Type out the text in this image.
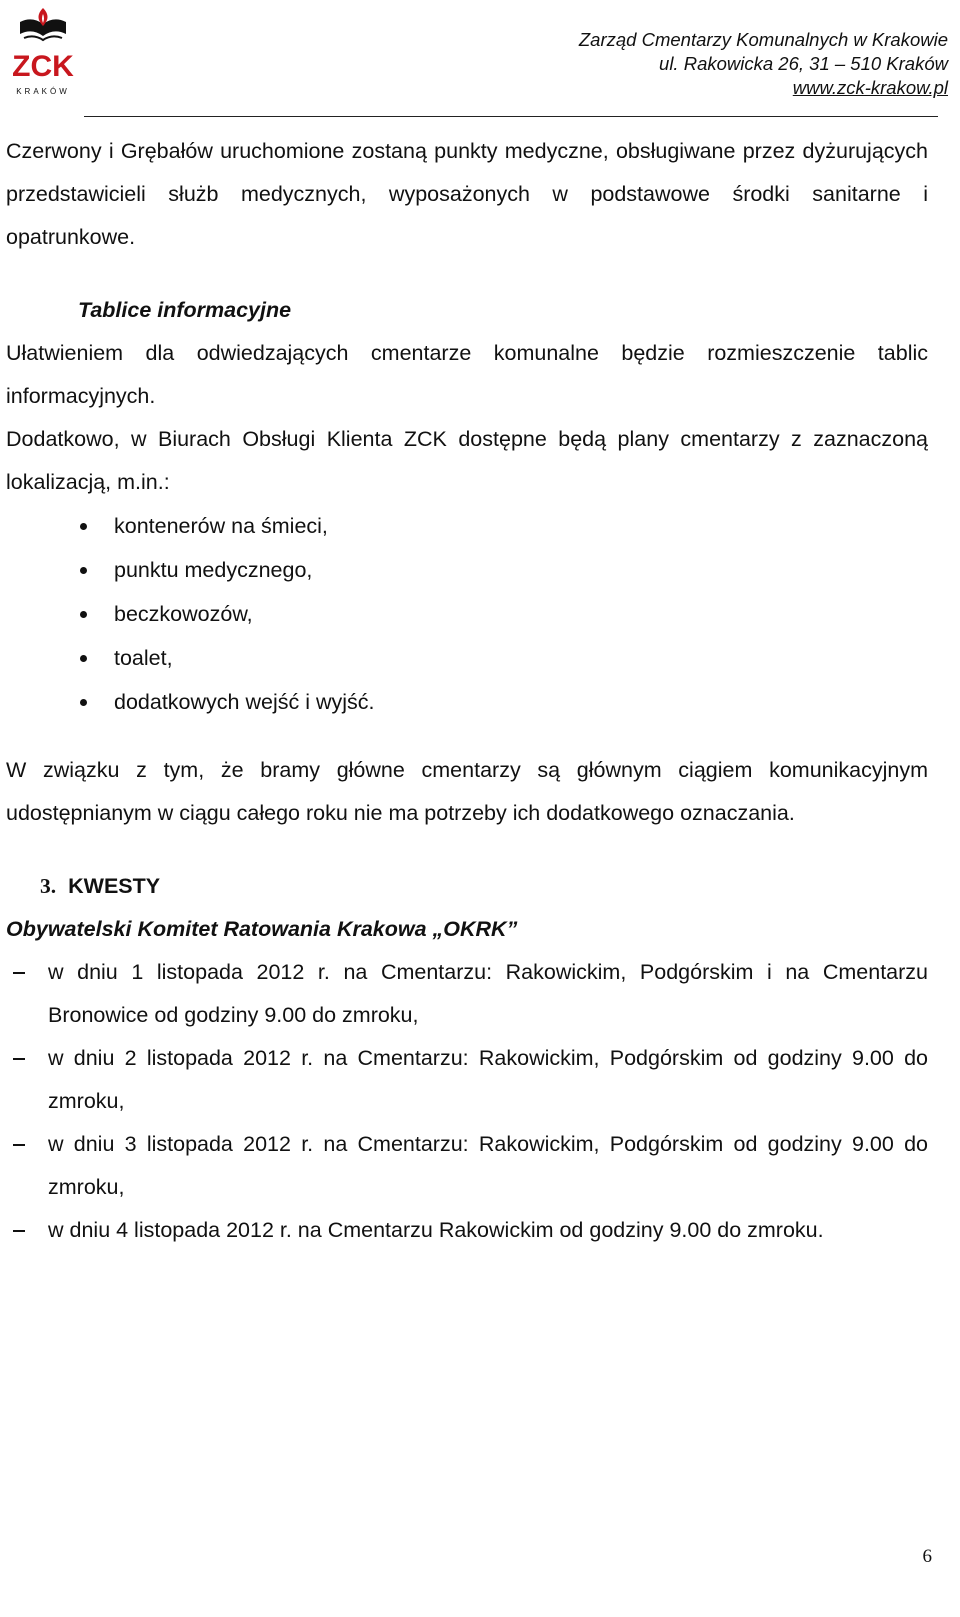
ZCK
KRAKÓW
Zarząd Cmentarzy Komunalnych w Krakowie
ul. Rakowicka 26, 31 – 510 Kraków
www.zck-krakow.pl

Czerwony i Grębałów uruchomione zostaną punkty medyczne, obsługiwane przez dyżurujących przedstawicieli służb medycznych, wyposażonych w podstawowe środki sanitarne i opatrunkowe.

Tablice informacyjne

Ułatwieniem dla odwiedzających cmentarze komunalne będzie rozmieszczenie tablic informacyjnych.

Dodatkowo, w Biurach Obsługi Klienta ZCK dostępne będą plany cmentarzy z zaznaczoną lokalizacją, m.in.:

kontenerów na śmieci,
punktu medycznego,
beczkowozów,
toalet,
dodatkowych wejść i wyjść.

W związku z tym, że bramy główne cmentarzy są głównym ciągiem komunikacyjnym udostępnianym w ciągu całego roku nie ma potrzeby ich dodatkowego oznaczania.

3. KWESTY

Obywatelski Komitet Ratowania Krakowa „OKRK”

w dniu 1 listopada 2012 r. na Cmentarzu: Rakowickim, Podgórskim i na Cmentarzu Bronowice od godziny 9.00 do zmroku,
w dniu 2 listopada 2012 r. na Cmentarzu: Rakowickim, Podgórskim od godziny 9.00 do zmroku,
w dniu 3 listopada 2012 r. na Cmentarzu: Rakowickim, Podgórskim od godziny 9.00 do zmroku,
w dniu 4 listopada 2012 r. na Cmentarzu Rakowickim od godziny 9.00 do zmroku.
6
